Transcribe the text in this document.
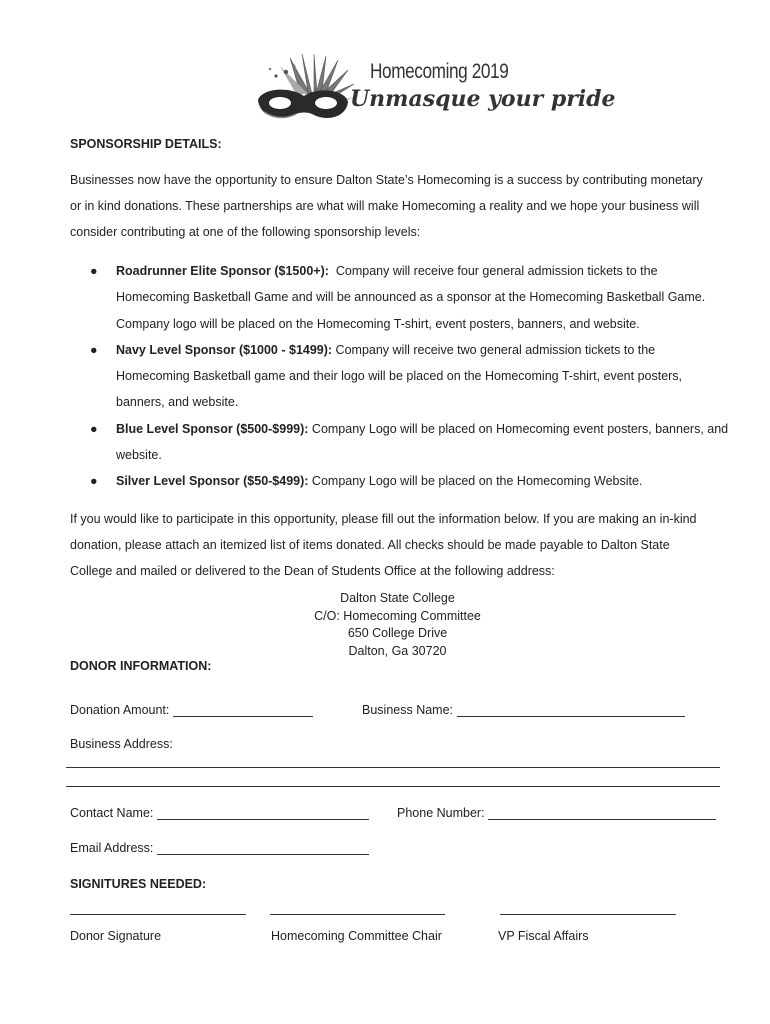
Homecoming 2019
Unmasque your pride
SPONSORSHIP DETAILS:
Businesses now have the opportunity to ensure Dalton State’s Homecoming is a success by contributing monetary
or in kind donations. These partnerships are what will make Homecoming a reality and we hope your business will
consider contributing at one of the following sponsorship levels:
● Roadrunner Elite Sponsor ($1500+):  Company will receive four general admission tickets to the
Homecoming Basketball Game and will be announced as a sponsor at the Homecoming Basketball Game.
Company logo will be placed on the Homecoming T-shirt, event posters, banners, and website.
● Navy Level Sponsor ($1000 - $1499): Company will receive two general admission tickets to the
Homecoming Basketball game and their logo will be placed on the Homecoming T-shirt, event posters,
banners, and website.
● Blue Level Sponsor ($500-$999): Company Logo will be placed on Homecoming event posters, banners, and
website.
● Silver Level Sponsor ($50-$499): Company Logo will be placed on the Homecoming Website.
If you would like to participate in this opportunity, please fill out the information below. If you are making an in-kind
donation, please attach an itemized list of items donated. All checks should be made payable to Dalton State
College and mailed or delivered to the Dean of Students Office at the following address:
Dalton State College
C/O: Homecoming Committee
650 College Drive
Dalton, Ga 30720
DONOR INFORMATION:
Donation Amount:	Business Name:
Business Address:
Contact Name:	Phone Number:
Email Address:
SIGNITURES NEEDED:
Donor Signature	Homecoming Committee Chair	VP Fiscal Affairs
